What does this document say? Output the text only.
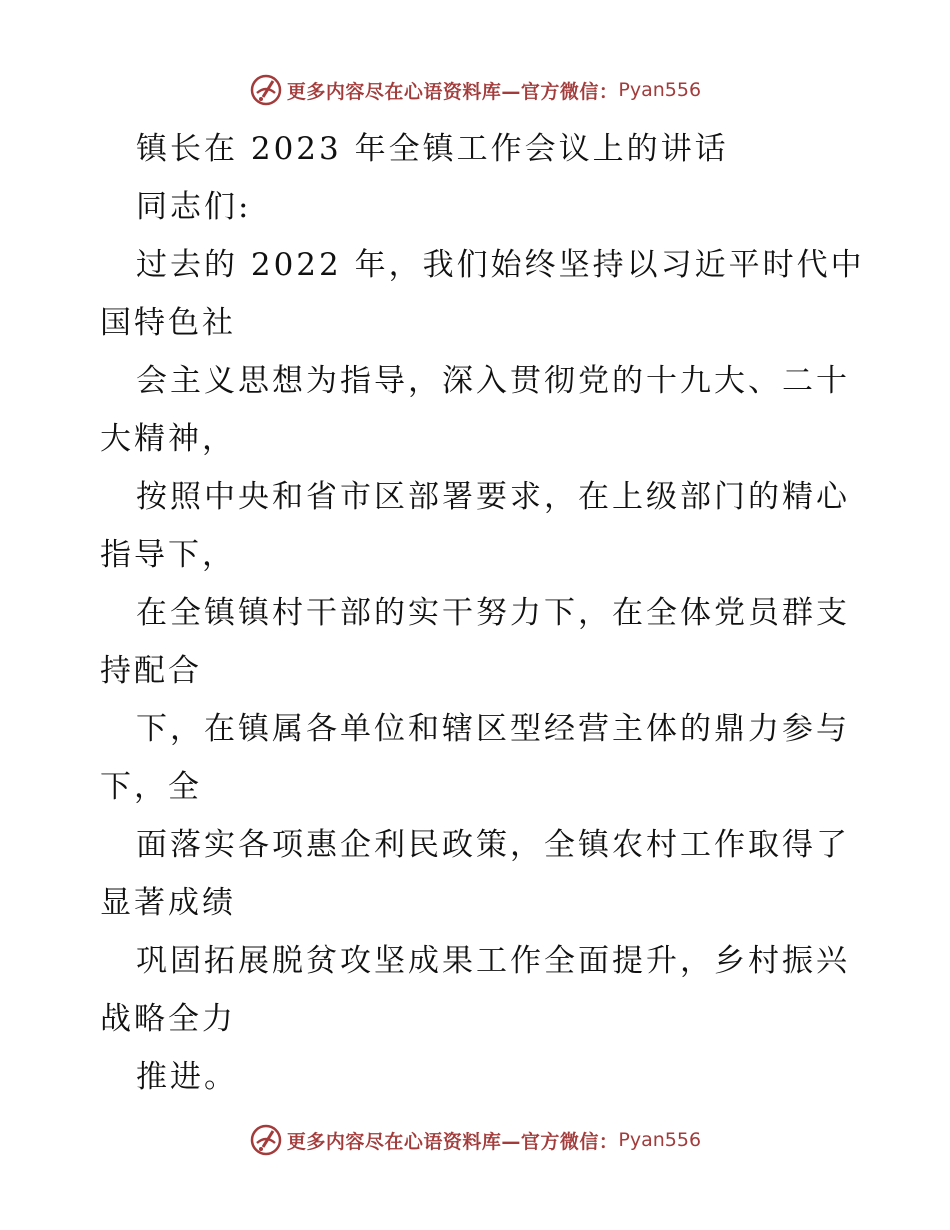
更多内容尽在心语资料库—官方微信： Pyan556
镇长在 2023 年全镇工作会议上的讲话
同志们:
过去的 2022 年，我们始终坚持以习近平时代中
国特色社
会主义思想为指导，深入贯彻党的十九大、二十
大精神，
按照中央和省市区部署要求，在上级部门的精心
指导下，
在全镇镇村干部的实干努力下，在全体党员群支
持配合
下，在镇属各单位和辖区型经营主体的鼎力参与
下，全
面落实各项惠企利民政策，全镇农村工作取得了
显著成绩
巩固拓展脱贫攻坚成果工作全面提升，乡村振兴
战略全力
推进。
更多内容尽在心语资料库—官方微信： Pyan556
